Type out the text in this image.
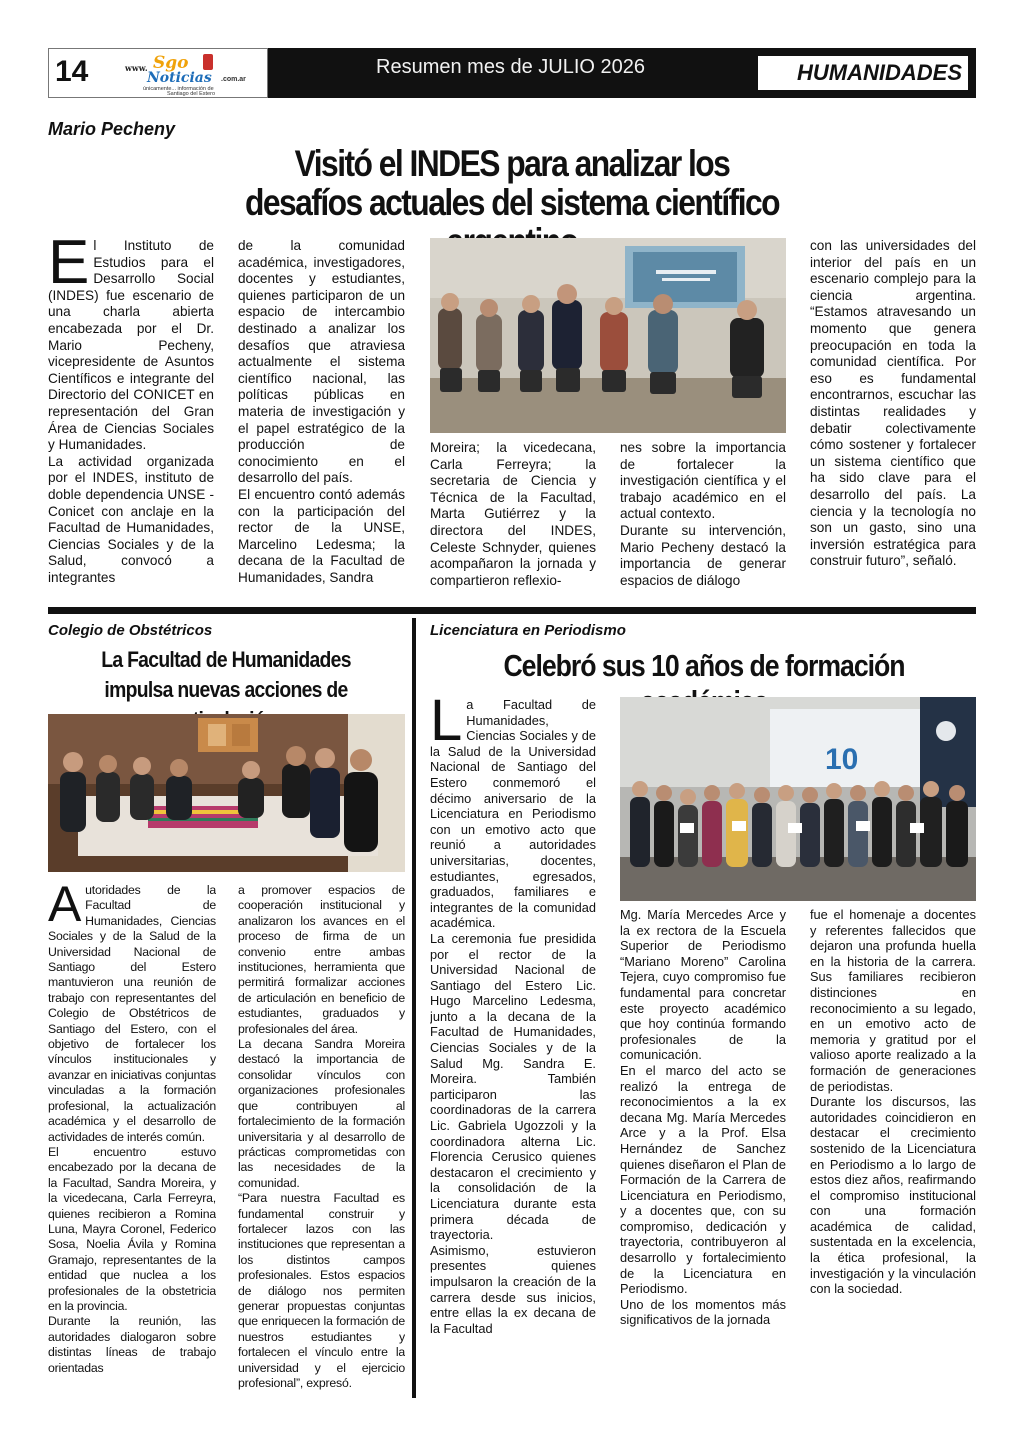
14	www. Sgo
Noticias .com.ar
únicamente... información de
Santiago del Estero
Resumen mes de JULIO 2026	HUMANIDADES
Mario Pecheny
Visitó el INDES para analizar los desafíos actuales del sistema científico
E l Instituto de Estudios para el Desarrollo Social (INDES) fue escenario de una charla abierta encabezada por el Dr. Mario Pecheny, vicepresidente de Asuntos Científicos e integrante del Directorio del CONICET en representación del Gran Área de Ciencias Sociales y Humanidades.

La actividad organizada por el INDES, instituto de doble dependencia UNSE - Conicet con anclaje en la Facultad de Humanidades, Ciencias Sociales y de la Salud, convocó a integrantes

de la comunidad académica, investigadores, docentes y estudiantes, quienes participaron de un espacio de intercambio destinado a analizar los desafíos que atraviesa actualmente el sistema científico nacional, las políticas públicas en materia de investigación y el papel estratégico de la producción de conocimiento en el desarrollo del país.

El encuentro contó además con la participación del rector de la UNSE, Marcelino Ledesma; la decana de la Facultad de Humanidades, Sandra

Moreira; la vicedecana, Carla Ferreyra; la secretaria de Ciencia y Técnica de la Facultad, Marta Gutiérrez y la directora del INDES, Celeste Schnyder, quienes acompañaron la jornada y compartieron reflexio-

nes sobre la importancia de fortalecer la investigación científica y el trabajo académico en el actual contexto.

Durante su intervención, Mario Pecheny destacó la importancia de generar espacios de diálogo

con las universidades del interior del país en un escenario complejo para la ciencia argentina. “Estamos atravesando un momento que genera preocupación en toda la comunidad científica. Por eso es fundamental encontrarnos, escuchar las distintas realidades y debatir colectivamente cómo sostener y fortalecer un sistema científico que ha sido clave para el desarrollo del país. La ciencia y la tecnología no son un gasto, sino una inversión estratégica para construir futuro”, señaló.

Colegio de Obstétricos
La Facultad de Humanidades impulsa nuevas acciones de
A utoridades de la Facultad de Humanidades, Ciencias Sociales y de la Salud de la Universidad Nacional de Santiago del Estero mantuvieron una reunión de trabajo con representantes del Colegio de Obstétricos de Santiago del Estero, con el objetivo de fortalecer los vínculos institucionales y avanzar en iniciativas conjuntas vinculadas a la formación profesional, la actualización académica y el desarrollo de actividades de interés común.

El encuentro estuvo encabezado por la decana de la Facultad, Sandra Moreira, y la vicedecana, Carla Ferreyra, quienes recibieron a Romina Luna, Mayra Coronel, Federico Sosa, Noelia Ávila y Romina Gramajo, representantes de la entidad que nuclea a los profesionales de la obstetricia en la provincia.

Durante la reunión, las autoridades dialogaron sobre distintas líneas de trabajo orientadas

a promover espacios de cooperación institucional y analizaron los avances en el proceso de firma de un convenio entre ambas instituciones, herramienta que permitirá formalizar acciones de articulación en beneficio de estudiantes, graduados y profesionales del área.

La decana Sandra Moreira destacó la importancia de consolidar vínculos con organizaciones profesionales que contribuyen al fortalecimiento de la formación universitaria y al desarrollo de prácticas comprometidas con las necesidades de la comunidad.

“Para nuestra Facultad es fundamental construir y fortalecer lazos con las instituciones que representan a los distintos campos profesionales. Estos espacios de diálogo nos permiten generar propuestas conjuntas que enriquecen la formación de nuestros estudiantes y fortalecen el vínculo entre la universidad y el ejercicio profesional”, expresó.

Licenciatura en Periodismo
Celebró sus 10 años de formación
L a Facultad de Humanidades, Ciencias Sociales y de la Salud de la Universidad Nacional de Santiago del Estero conmemoró el décimo aniversario de la Licenciatura en Periodismo con un emotivo acto que reunió a autoridades universitarias, docentes, estudiantes, egresados, graduados, familiares e integrantes de la comunidad académica.

La ceremonia fue presidida por el rector de la Universidad Nacional de Santiago del Estero Lic. Hugo Marcelino Ledesma, junto a la decana de la Facultad de Humanidades, Ciencias Sociales y de la Salud Mg. Sandra E. Moreira. También participaron las coordinadoras de la carrera Lic. Gabriela Ugozzoli y la coordinadora alterna Lic. Florencia Cerusico quienes destacaron el crecimiento y la consolidación de la Licenciatura durante esta primera década de trayectoria.

Asimismo, estuvieron presentes quienes impulsaron la creación de la carrera desde sus inicios, entre ellas la ex decana de la Facultad

10

Mg. María Mercedes Arce y la ex rectora de la Escuela Superior de Periodismo “Mariano Moreno” Carolina Tejera, cuyo compromiso fue fundamental para concretar este proyecto académico que hoy continúa formando profesionales de la comunicación.

En el marco del acto se realizó la entrega de reconocimientos a la ex decana Mg. María Mercedes Arce y a la Prof. Elsa Hernández de Sanchez quienes diseñaron el Plan de Formación de la Carrera de Licenciatura en Periodismo, y a docentes que, con su compromiso, dedicación y trayectoria, contribuyeron al desarrollo y fortalecimiento de la Licenciatura en Periodismo.

Uno de los momentos más significativos de la jornada

fue el homenaje a docentes y referentes fallecidos que dejaron una profunda huella en la historia de la carrera. Sus familiares recibieron distinciones en reconocimiento a su legado, en un emotivo acto de memoria y gratitud por el valioso aporte realizado a la formación de generaciones de periodistas.

Durante los discursos, las autoridades coincidieron en destacar el crecimiento sostenido de la Licenciatura en Periodismo a lo largo de estos diez años, reafirmando el compromiso institucional con una formación académica de calidad, sustentada en la excelencia, la ética profesional, la investigación y la vinculación con la sociedad.
